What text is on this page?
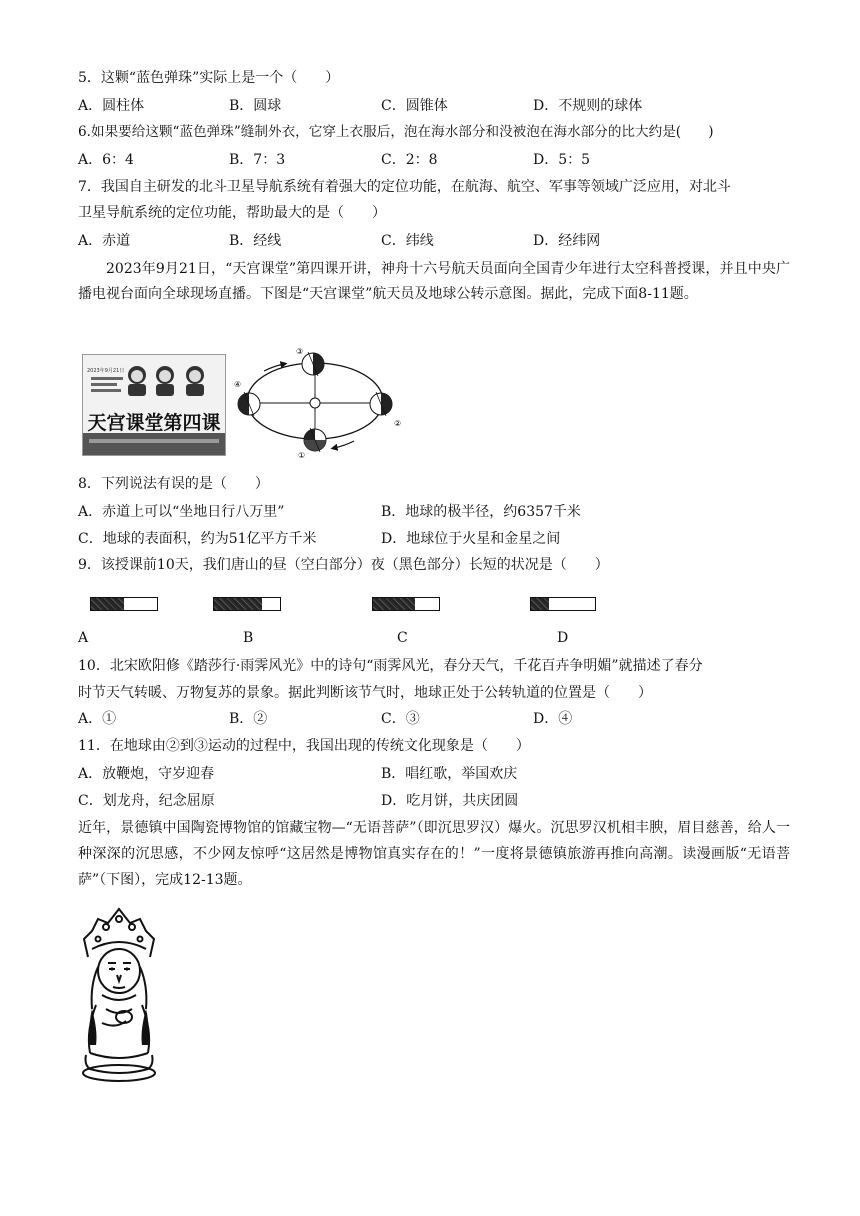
5．这颗“蓝色弹珠”实际上是一个（　　）
A．圆柱体	B．圆球	C．圆锥体	D．不规则的球体
6.如果要给这颗“蓝色弹珠”缝制外衣，它穿上衣服后，泡在海水部分和没被泡在海水部分的比大约是(　　)
A．6：4	B．7：3	C．2：8	D．5：5
7．我国自主研发的北斗卫星导航系统有着强大的定位功能，在航海、航空、军事等领域广泛应用，对北斗
卫星导航系统的定位功能，帮助最大的是（　　）
A．赤道	B．经线	C．纬线	D．经纬网
2023年9月21日，“天宫课堂”第四课开讲，神舟十六号航天员面向全国青少年进行太空科普授课，并且中央广播电视台面向全球现场直播。下图是“天宫课堂”航天员及地球公转示意图。据此，完成下面8-11题。
2023年9月21日
天宫课堂第四课
③
④
②
①
8．下列说法有误的是（　　）
A．赤道上可以“坐地日行八万里”	B．地球的极半径，约6357千米
C．地球的表面积，约为51亿平方千米	D．地球位于火星和金星之间
9．该授课前10天，我们唐山的昼（空白部分）夜（黑色部分）长短的状况是（　　）
A	B	C	D
10．北宋欧阳修《踏莎行·雨霁风光》中的诗句“雨霁风光，春分天气，千花百卉争明媚”就描述了春分
时节天气转暖、万物复苏的景象。据此判断该节气时，地球正处于公转轨道的位置是（　　）
A．①	B．②	C．③	D．④
11．在地球由②到③运动的过程中，我国出现的传统文化现象是（　　）
A．放鞭炮，守岁迎春	B．唱红歌，举国欢庆
C．划龙舟，纪念屈原	D．吃月饼，共庆团圆
近年，景德镇中国陶瓷博物馆的馆藏宝物—“无语菩萨”（即沉思罗汉）爆火。沉思罗汉机相丰腴，眉目慈善，给人一种深深的沉思感，不少网友惊呼“这居然是博物馆真实存在的！”一度将景德镇旅游再推向高潮。读漫画版“无语菩萨”（下图），完成12-13题。
